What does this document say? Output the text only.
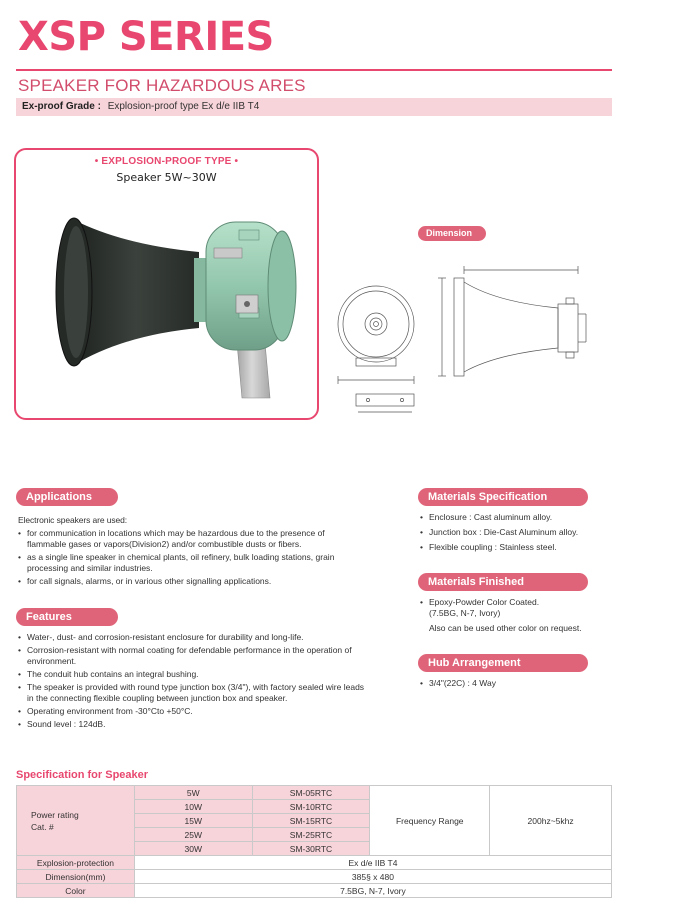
XSP SERIES
SPEAKER FOR HAZARDOUS ARES
Ex-proof Grade : Explosion-proof type Ex d/e IIB T4
• EXPLOSION-PROOF TYPE •
Speaker 5W~30W
Dimension
Applications
Electronic speakers are used:
• for communication in locations which may be hazardous due to the presence of flammable gases or vapors(Division2) and/or combustible dusts or fibers.
• as a single line speaker in chemical plants, oil refinery, bulk loading stations, grain processing and similar industries.
• for call signals, alarms, or in various other signalling applications.
Features
• Water-, dust- and corrosion-resistant enclosure for durability and long-life.
• Corrosion-resistant with normal coating for defendable performance in the operation of environment.
• The conduit hub contains an integral bushing.
• The speaker is provided with round type junction box (3/4"), with factory sealed wire leads in the connecting flexible coupling between junction box and speaker.
• Operating environment from -30°Cto +50°C.
• Sound level : 124dB.
Materials Specification
• Enclosure : Cast aluminum alloy.
• Junction box : Die-Cast Aluminum alloy.
• Flexible coupling : Stainless steel.
Materials Finished
• Epoxy-Powder Color Coated.
(7.5BG, N-7, Ivory)
Also can be used other color on request.
Hub Arrangement
• 3/4"(22C) : 4 Way
Specification for Speaker
Power rating
Cat. #	5W	SM-05RTC	Frequency Range	200hz~5khz
	10W	SM-10RTC		
	15W	SM-15RTC		
	25W	SM-25RTC		
	30W	SM-30RTC		
Explosion-protection	Ex d/e IIB T4			
Dimension(mm)	385§ x 480			
Color	7.5BG, N-7, Ivory			
